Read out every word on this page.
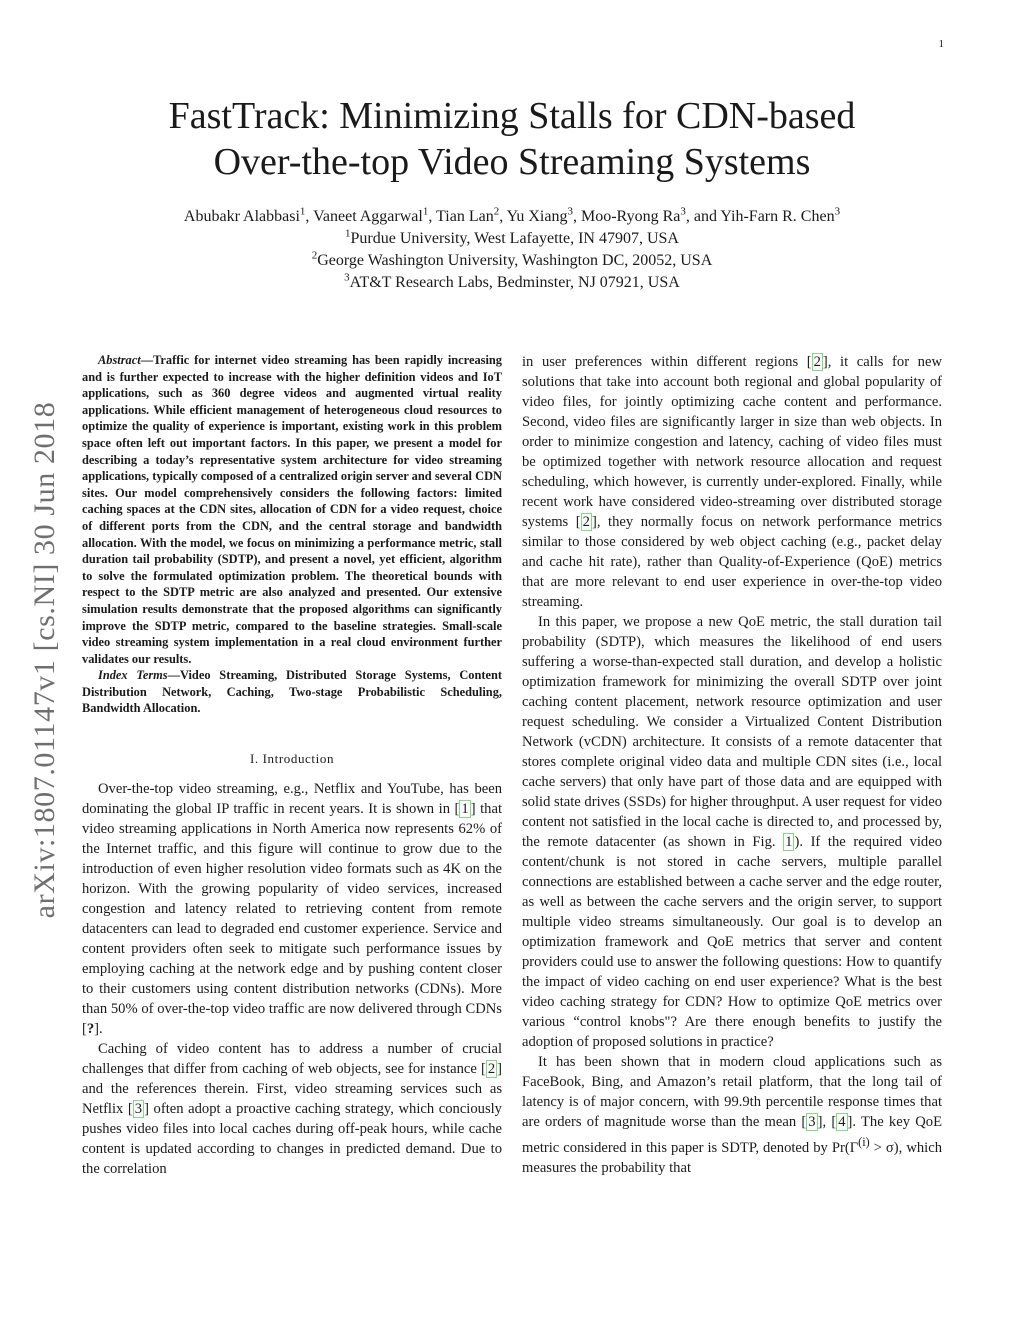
1
arXiv:1807.01147v1 [cs.NI] 30 Jun 2018
FastTrack: Minimizing Stalls for CDN-based
Over-the-top Video Streaming Systems
Abubakr Alabbasi$^1$, Vaneet Aggarwal$^1$, Tian Lan$^2$, Yu Xiang$^3$, Moo-Ryong Ra$^3$, and Yih-Farn R. Chen$^3$
$^1$Purdue University, West Lafayette, IN 47907, USA
$^2$George Washington University, Washington DC, 20052, USA
$^3$AT&T Research Labs, Bedminster, NJ 07921, USA

Abstract—Traffic for internet video streaming has been rapidly increasing and is further expected to increase with the higher definition videos and IoT applications, such as 360 degree videos and augmented virtual reality applications. While efficient management of heterogeneous cloud resources to optimize the quality of experience is important, existing work in this problem space often left out important factors. In this paper, we present a model for describing a today’s representative system architecture for video streaming applications, typically composed of a centralized origin server and several CDN sites. Our model comprehensively considers the following factors: limited caching spaces at the CDN sites, allocation of CDN for a video request, choice of different ports from the CDN, and the central storage and bandwidth allocation. With the model, we focus on minimizing a performance metric, stall duration tail probability (SDTP), and present a novel, yet efficient, algorithm to solve the formulated optimization problem. The theoretical bounds with respect to the SDTP metric are also analyzed and presented. Our extensive simulation results demonstrate that the proposed algorithms can significantly improve the SDTP metric, compared to the baseline strategies. Small-scale video streaming system implementation in a real cloud environment further validates our results.

Index Terms—Video Streaming, Distributed Storage Systems, Content Distribution Network, Caching, Two-stage Probabilistic Scheduling, Bandwidth Allocation.

I. Introduction

Over-the-top video streaming, e.g., Netflix and YouTube, has been dominating the global IP traffic in recent years. It is shown in [ 1 ] that video streaming applications in North America now represents 62% of the Internet traffic, and this figure will continue to grow due to the introduction of even higher resolution video formats such as 4K on the horizon. With the growing popularity of video services, increased congestion and latency related to retrieving content from remote datacenters can lead to degraded end customer experience. Service and content providers often seek to mitigate such performance issues by employing caching at the network edge and by pushing content closer to their customers using content distribution networks (CDNs). More than 50% of over-the-top video traffic are now delivered through CDNs [?].

Caching of video content has to address a number of crucial challenges that differ from caching of web objects, see for instance [ 2 ] and the references therein. First, video streaming services such as Netflix [ 3 ] often adopt a proactive caching strategy, which conciously pushes video files into local caches during off-peak hours, while cache content is updated according to changes in predicted demand. Due to the correlation

in user preferences within different regions [ 2 ], it calls for new solutions that take into account both regional and global popularity of video files, for jointly optimizing cache content and performance. Second, video files are significantly larger in size than web objects. In order to minimize congestion and latency, caching of video files must be optimized together with network resource allocation and request scheduling, which however, is currently under-explored. Finally, while recent work have considered video-streaming over distributed storage systems [ 2 ], they normally focus on network performance metrics similar to those considered by web object caching (e.g., packet delay and cache hit rate), rather than Quality-of-Experience (QoE) metrics that are more relevant to end user experience in over-the-top video streaming.

In this paper, we propose a new QoE metric, the stall duration tail probability (SDTP), which measures the likelihood of end users suffering a worse-than-expected stall duration, and develop a holistic optimization framework for minimizing the overall SDTP over joint caching content placement, network resource optimization and user request scheduling. We consider a Virtualized Content Distribution Network (vCDN) architecture. It consists of a remote datacenter that stores complete original video data and multiple CDN sites (i.e., local cache servers) that only have part of those data and are equipped with solid state drives (SSDs) for higher throughput. A user request for video content not satisfied in the local cache is directed to, and processed by, the remote datacenter (as shown in Fig. 1 ). If the required video content/chunk is not stored in cache servers, multiple parallel connections are established between a cache server and the edge router, as well as between the cache servers and the origin server, to support multiple video streams simultaneously. Our goal is to develop an optimization framework and QoE metrics that server and content providers could use to answer the following questions: How to quantify the impact of video caching on end user experience? What is the best video caching strategy for CDN? How to optimize QoE metrics over various “control knobs"? Are there enough benefits to justify the adoption of proposed solutions in practice?

It has been shown that in modern cloud applications such as FaceBook, Bing, and Amazon’s retail platform, that the long tail of latency is of major concern, with 99.9th percentile response times that are orders of magnitude worse than the mean [ 3 ], [ 4 ]. The key QoE metric considered in this paper is SDTP, denoted by $Pr(\Gamma^{(i)} > \sigma)$, which measures the probability that
